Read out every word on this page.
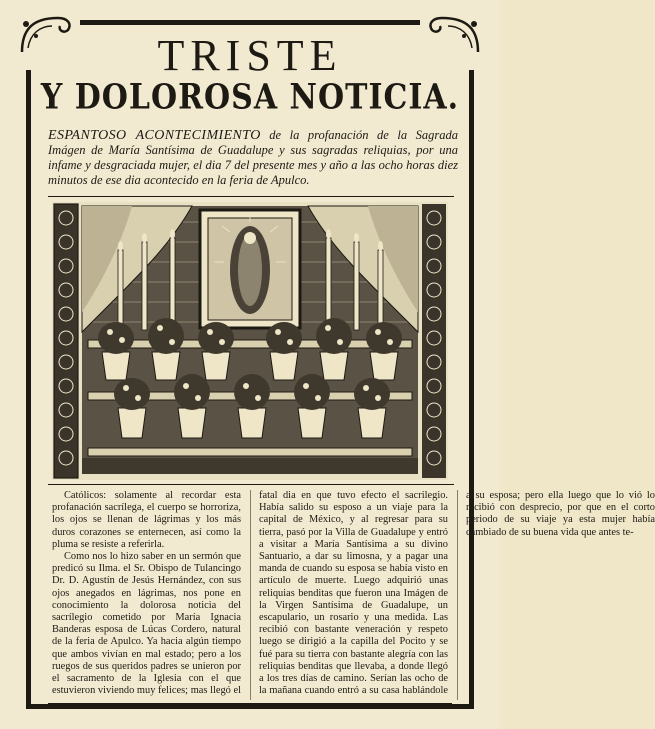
TRISTE
Y DOLOROSA NOTICIA.
ESPANTOSO ACONTECIMIENTO de la profanación de la Sagrada Imágen de María Santísima de Guadalupe y sus sagradas reliquias, por una infame y desgraciada mujer, el dia 7 del presente mes y año a las ocho horas diez minutos de ese dia acontecido en la feria de Apulco.

Católicos: solamente al recordar esta profanación sacrílega, el cuerpo se horroriza, los ojos se llenan de lágrimas y los más duros corazones se enternecen, así como la pluma se resiste a referirla.

Como nos lo hizo saber en un sermón que predicó su Ilma. el Sr. Obispo de Tulancingo Dr. D. Agustín de Jesús Hernández, con sus ojos anegados en lágrimas, nos pone en conocimiento la dolorosa noticia del sacrílegio cometido por María Ignacia Banderas esposa de Lúcas Cordero, natural de la feria de Apulco. Ya hacia algún tiempo que ambos vivían en mal estado; pero a los ruegos de sus queridos padres se unieron por el sacramento de la Iglesia con el que estuvieron viviendo muy felices; mas llegó el fatal dia en que tuvo efecto el sacrilegio. Había salido su esposo a un viaje para la capital de México, y al regresar para su tierra, pasó por la Villa de Guadalupe y entró a visitar a María Santísima a su divino Santuario, a dar su limosna, y a pagar una manda de cuando su esposa se había visto en artículo de muerte. Luego adquirió unas reliquias benditas que fueron una Imágen de la Virgen Santísima de Guadalupe, un escapulario, un rosario y una medida. Las recibió con bastante veneración y respeto luego se dirigió a la capilla del Pocito y se fué para su tierra con bastante alegría con las reliquias benditas que llevaba, a donde llegó a los tres días de camino. Serían las ocho de la mañana cuando entró a su casa hablándole a su esposa; pero ella luego que lo vió lo recibió con desprecio, por que en el corto periodo de su viaje ya esta mujer había cambiado de su buena vida que antes te-
